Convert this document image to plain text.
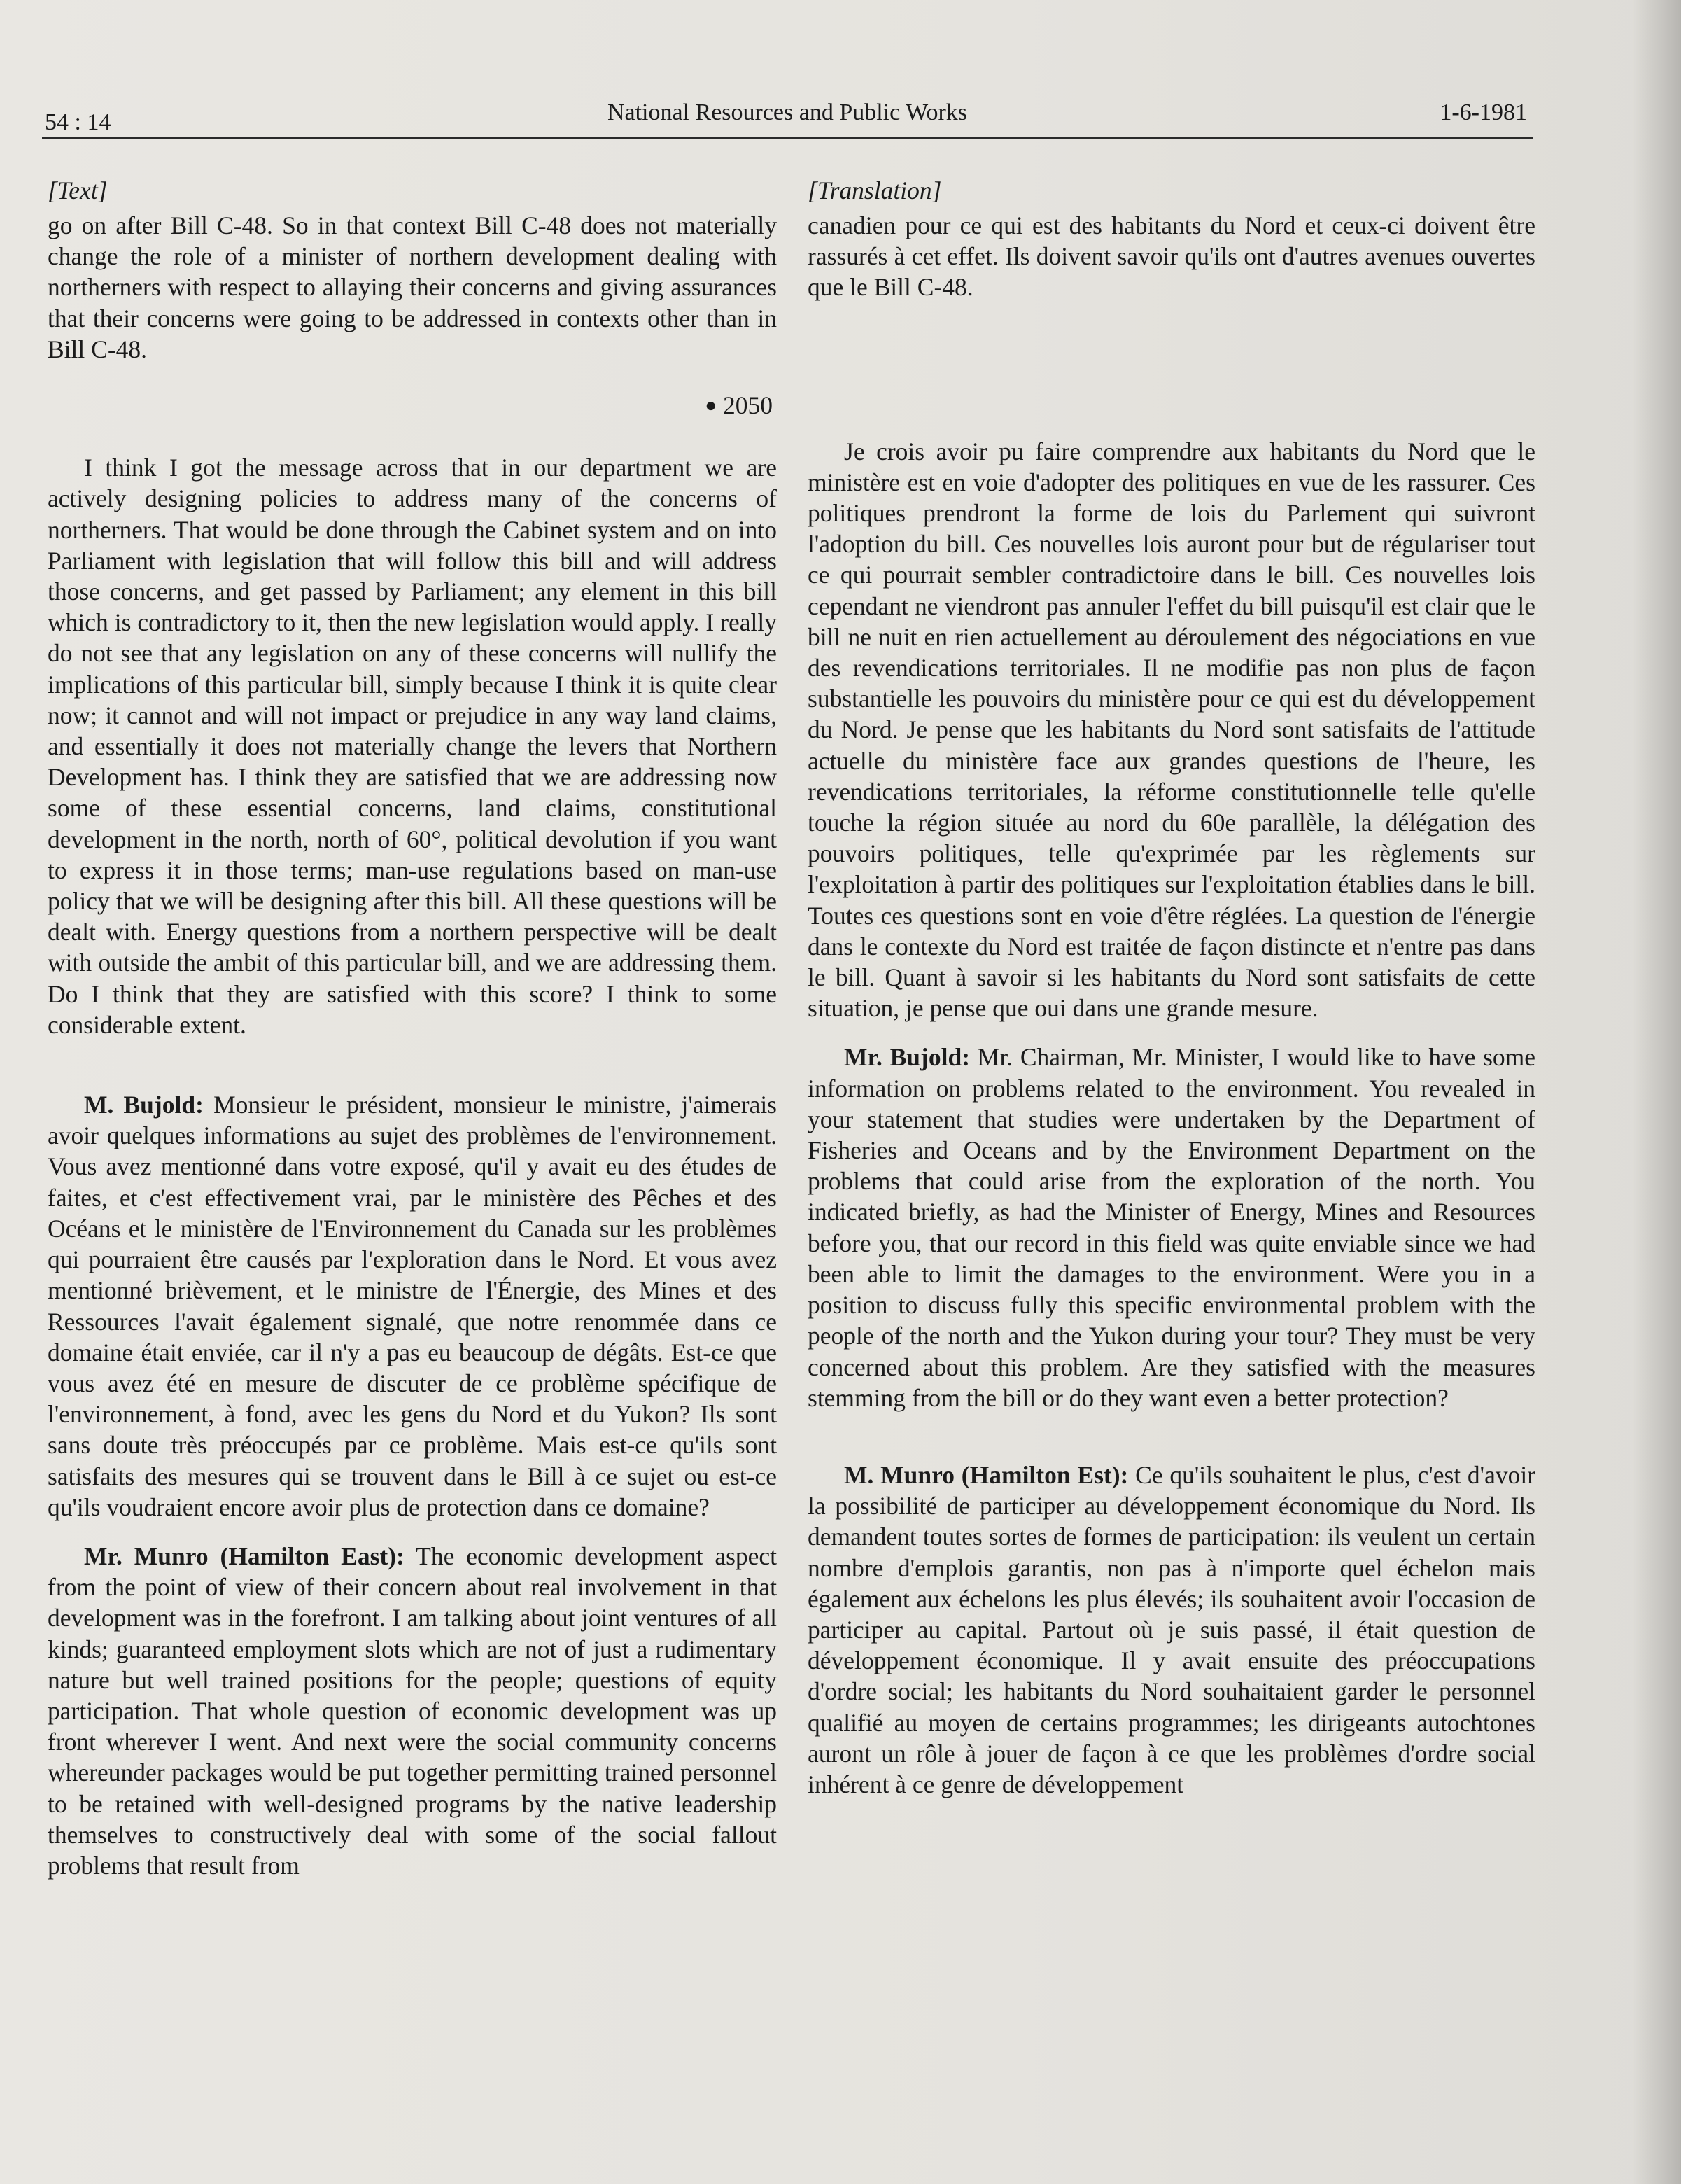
54 : 14	National Resources and Public Works	1-6-1981
[Text]

go on after Bill C-48. So in that context Bill C-48 does not materially change the role of a minister of northern development dealing with northerners with respect to allaying their concerns and giving assurances that their concerns were going to be addressed in contexts other than in Bill C-48.

● 2050

I think I got the message across that in our department we are actively designing policies to address many of the concerns of northerners. That would be done through the Cabinet system and on into Parliament with legislation that will follow this bill and will address those concerns, and get passed by Parliament; any element in this bill which is contradictory to it, then the new legislation would apply. I really do not see that any legislation on any of these concerns will nullify the implications of this particular bill, simply because I think it is quite clear now; it cannot and will not impact or prejudice in any way land claims, and essentially it does not materially change the levers that Northern Development has. I think they are satisfied that we are addressing now some of these essential concerns, land claims, constitutional development in the north, north of 60°, political devolution if you want to express it in those terms; man-use regulations based on man-use policy that we will be designing after this bill. All these questions will be dealt with. Energy questions from a northern perspective will be dealt with outside the ambit of this particular bill, and we are addressing them. Do I think that they are satisfied with this score? I think to some considerable extent.

M. Bujold: Monsieur le président, monsieur le ministre, j'aimerais avoir quelques informations au sujet des problèmes de l'environnement. Vous avez mentionné dans votre exposé, qu'il y avait eu des études de faites, et c'est effectivement vrai, par le ministère des Pêches et des Océans et le ministère de l'Environnement du Canada sur les problèmes qui pourraient être causés par l'exploration dans le Nord. Et vous avez mentionné brièvement, et le ministre de l'Énergie, des Mines et des Ressources l'avait également signalé, que notre renommée dans ce domaine était enviée, car il n'y a pas eu beaucoup de dégâts. Est-ce que vous avez été en mesure de discuter de ce problème spécifique de l'environnement, à fond, avec les gens du Nord et du Yukon? Ils sont sans doute très préoccupés par ce problème. Mais est-ce qu'ils sont satisfaits des mesures qui se trouvent dans le Bill à ce sujet ou est-ce qu'ils voudraient encore avoir plus de protection dans ce domaine?

Mr. Munro (Hamilton East): The economic development aspect from the point of view of their concern about real involvement in that development was in the forefront. I am talking about joint ventures of all kinds; guaranteed employment slots which are not of just a rudimentary nature but well trained positions for the people; questions of equity participation. That whole question of economic development was up front wherever I went. And next were the social community concerns whereunder packages would be put together permitting trained personnel to be retained with well-designed programs by the native leadership themselves to constructively deal with some of the social fallout problems that result from

[Translation]

canadien pour ce qui est des habitants du Nord et ceux-ci doivent être rassurés à cet effet. Ils doivent savoir qu'ils ont d'autres avenues ouvertes que le Bill C-48.

Je crois avoir pu faire comprendre aux habitants du Nord que le ministère est en voie d'adopter des politiques en vue de les rassurer. Ces politiques prendront la forme de lois du Parlement qui suivront l'adoption du bill. Ces nouvelles lois auront pour but de régulariser tout ce qui pourrait sembler contradictoire dans le bill. Ces nouvelles lois cependant ne viendront pas annuler l'effet du bill puisqu'il est clair que le bill ne nuit en rien actuellement au déroulement des négociations en vue des revendications territoriales. Il ne modifie pas non plus de façon substantielle les pouvoirs du ministère pour ce qui est du développement du Nord. Je pense que les habitants du Nord sont satisfaits de l'attitude actuelle du ministère face aux grandes questions de l'heure, les revendications territoriales, la réforme constitutionnelle telle qu'elle touche la région située au nord du 60e parallèle, la délégation des pouvoirs politiques, telle qu'exprimée par les règlements sur l'exploitation à partir des politiques sur l'exploitation établies dans le bill. Toutes ces questions sont en voie d'être réglées. La question de l'énergie dans le contexte du Nord est traitée de façon distincte et n'entre pas dans le bill. Quant à savoir si les habitants du Nord sont satisfaits de cette situation, je pense que oui dans une grande mesure.

Mr. Bujold: Mr. Chairman, Mr. Minister, I would like to have some information on problems related to the environment. You revealed in your statement that studies were undertaken by the Department of Fisheries and Oceans and by the Environment Department on the problems that could arise from the exploration of the north. You indicated briefly, as had the Minister of Energy, Mines and Resources before you, that our record in this field was quite enviable since we had been able to limit the damages to the environment. Were you in a position to discuss fully this specific environmental problem with the people of the north and the Yukon during your tour? They must be very concerned about this problem. Are they satisfied with the measures stemming from the bill or do they want even a better protection?

M. Munro (Hamilton Est): Ce qu'ils souhaitent le plus, c'est d'avoir la possibilité de participer au développement économique du Nord. Ils demandent toutes sortes de formes de participation: ils veulent un certain nombre d'emplois garantis, non pas à n'importe quel échelon mais également aux échelons les plus élevés; ils souhaitent avoir l'occasion de participer au capital. Partout où je suis passé, il était question de développement économique. Il y avait ensuite des préoccupations d'ordre social; les habitants du Nord souhaitaient garder le personnel qualifié au moyen de certains programmes; les dirigeants autochtones auront un rôle à jouer de façon à ce que les problèmes d'ordre social inhérent à ce genre de développement
